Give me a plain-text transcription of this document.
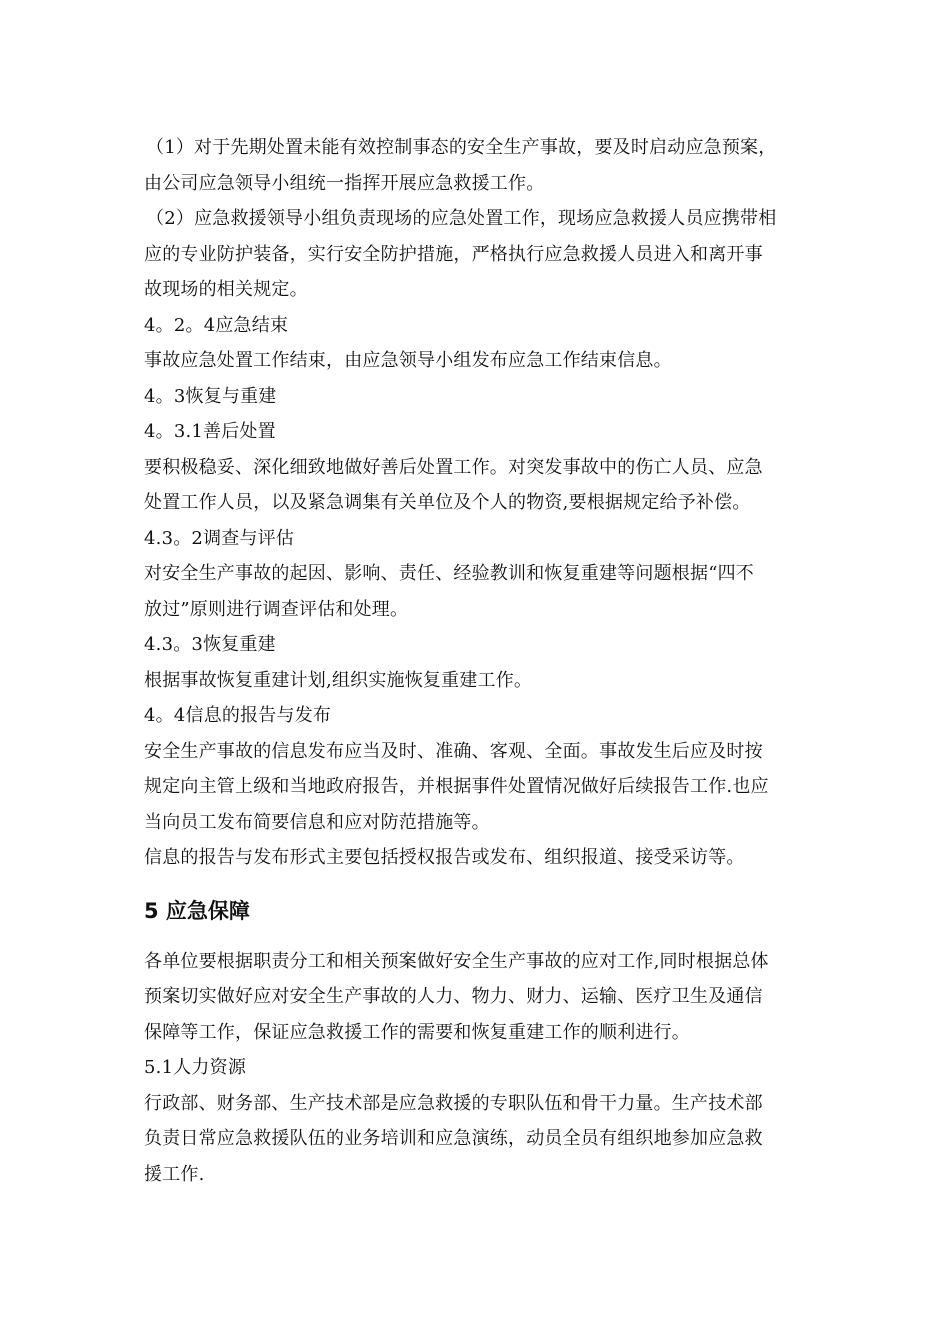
（1）对于先期处置未能有效控制事态的安全生产事故，要及时启动应急预案，
由公司应急领导小组统一指挥开展应急救援工作。
（2）应急救援领导小组负责现场的应急处置工作，现场应急救援人员应携带相
应的专业防护装备，实行安全防护措施，严格执行应急救援人员进入和离开事
故现场的相关规定。
4。2。4应急结束
事故应急处置工作结束，由应急领导小组发布应急工作结束信息。
4。3恢复与重建
4。3.1善后处置
要积极稳妥、深化细致地做好善后处置工作。对突发事故中的伤亡人员、应急
处置工作人员，以及紧急调集有关单位及个人的物资,要根据规定给予补偿。
4.3。2调查与评估
对安全生产事故的起因、影响、责任、经验教训和恢复重建等问题根据“四不
放过”原则进行调查评估和处理。
4.3。3恢复重建
根据事故恢复重建计划,组织实施恢复重建工作。
4。4信息的报告与发布
安全生产事故的信息发布应当及时、准确、客观、全面。事故发生后应及时按
规定向主管上级和当地政府报告，并根据事件处置情况做好后续报告工作.也应
当向员工发布简要信息和应对防范措施等。
信息的报告与发布形式主要包括授权报告或发布、组织报道、接受采访等。
5 应急保障
各单位要根据职责分工和相关预案做好安全生产事故的应对工作,同时根据总体
预案切实做好应对安全生产事故的人力、物力、财力、运输、医疗卫生及通信
保障等工作，保证应急救援工作的需要和恢复重建工作的顺利进行。
5.1人力资源
行政部、财务部、生产技术部是应急救援的专职队伍和骨干力量。生产技术部
负责日常应急救援队伍的业务培训和应急演练，动员全员有组织地参加应急救
援工作.
